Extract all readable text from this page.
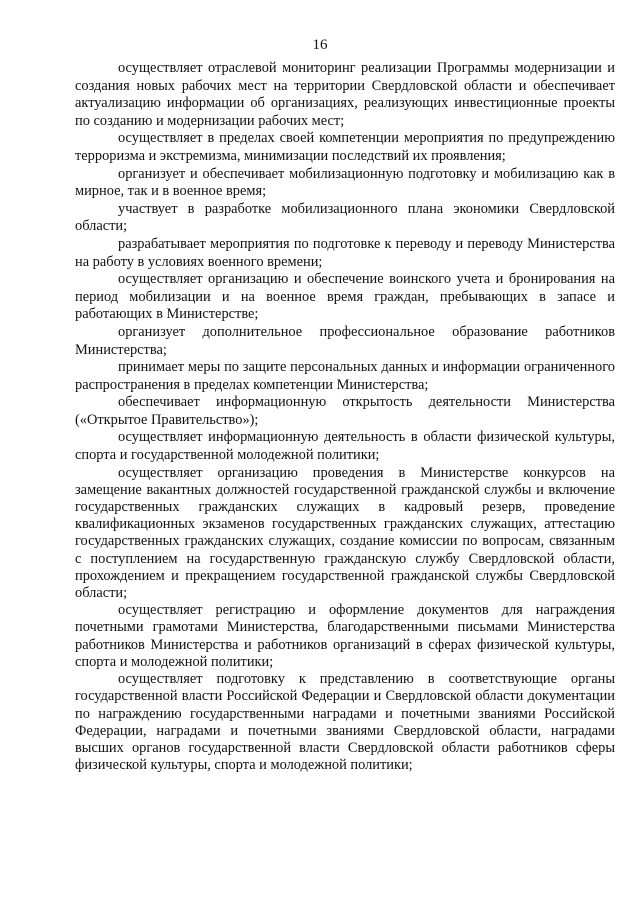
16

осуществляет отраслевой мониторинг реализации Программы модернизации и создания новых рабочих мест на территории Свердловской области и обеспечивает актуализацию информации об организациях, реализующих инвестиционные проекты по созданию и модернизации рабочих мест;

осуществляет в пределах своей компетенции мероприятия по предупреждению терроризма и экстремизма, минимизации последствий их проявления;

организует и обеспечивает мобилизационную подготовку и мобилизацию как в мирное, так и в военное время;

участвует в разработке мобилизационного плана экономики Свердловской области;

разрабатывает мероприятия по подготовке к переводу и переводу Министерства на работу в условиях военного времени;

осуществляет организацию и обеспечение воинского учета и бронирования на период мобилизации и на военное время граждан, пребывающих в запасе и работающих в Министерстве;

организует дополнительное профессиональное образование работников Министерства;

принимает меры по защите персональных данных и информации ограниченного распространения в пределах компетенции Министерства;

обеспечивает информационную открытость деятельности Министерства («Открытое Правительство»);

осуществляет информационную деятельность в области физической культуры, спорта и государственной молодежной политики;

осуществляет организацию проведения в Министерстве конкурсов на замещение вакантных должностей государственной гражданской службы и включение государственных гражданских служащих в кадровый резерв, проведение квалификационных экзаменов государственных гражданских служащих, аттестацию государственных гражданских служащих, создание комиссии по вопросам, связанным с поступлением на государственную гражданскую службу Свердловской области, прохождением и прекращением государственной гражданской службы Свердловской области;

осуществляет регистрацию и оформление документов для награждения почетными грамотами Министерства, благодарственными письмами Министерства работников Министерства и работников организаций в сферах физической культуры, спорта и молодежной политики;

осуществляет подготовку к представлению в соответствующие органы государственной власти Российской Федерации и Свердловской области документации по награждению государственными наградами и почетными званиями Российской Федерации, наградами и почетными званиями Свердловской области, наградами высших органов государственной власти Свердловской области работников сферы физической культуры, спорта и молодежной политики;
